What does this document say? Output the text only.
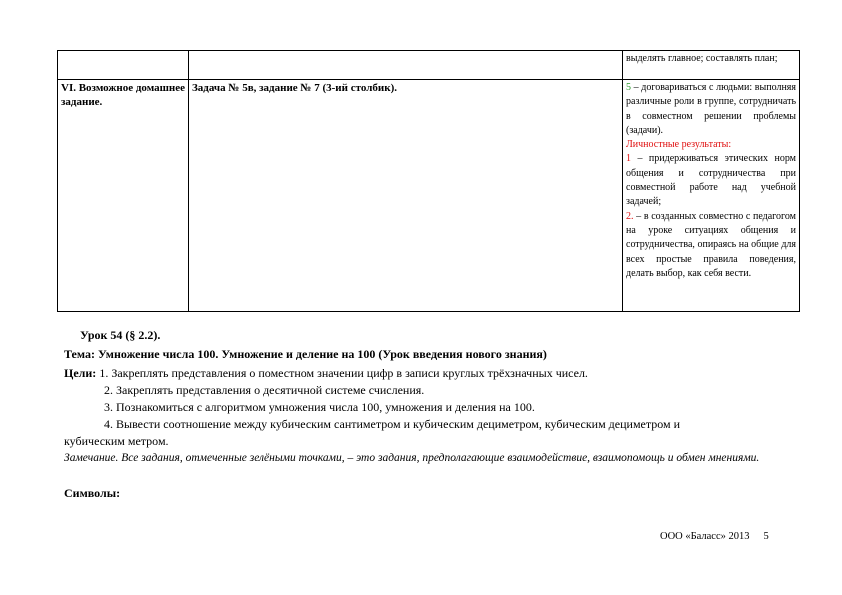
		выделять главное; составлять план;

VI. Возможное домашнее задание.	Задача № 5в, задание № 7 (3-ий столбик).	5 – договариваться с людьми: выполняя различные роли в группе, сотрудничать в совместном решении проблемы (задачи).

Личностные результаты:

1 – придерживаться этических норм общения и сотрудничества при совместной работе над учебной задачей;

2. – в созданных совместно с педагогом на уроке ситуациях общения и сотрудничества, опираясь на общие для всех простые правила поведения, делать выбор, как себя вести.

Урок 54 (§ 2.2).
Тема: Умножение числа 100. Умножение и деление на 100 (Урок введения нового знания)
Цели: 1. Закреплять представления о поместном значении цифр в записи круглых трёхзначных чисел.
2. Закреплять представления о десятичной системе счисления.
3. Познакомиться с алгоритмом умножения числа 100, умножения и деления на 100.
4. Вывести соотношение между кубическим сантиметром и кубическим дециметром, кубическим дециметром и
кубическим метром.
Замечание. Все задания, отмеченные зелёными точками, – это задания, предполагающие взаимодействие, взаимопомощь и обмен мнениями.
Символы:
ООО «Баласс» 2013 5
